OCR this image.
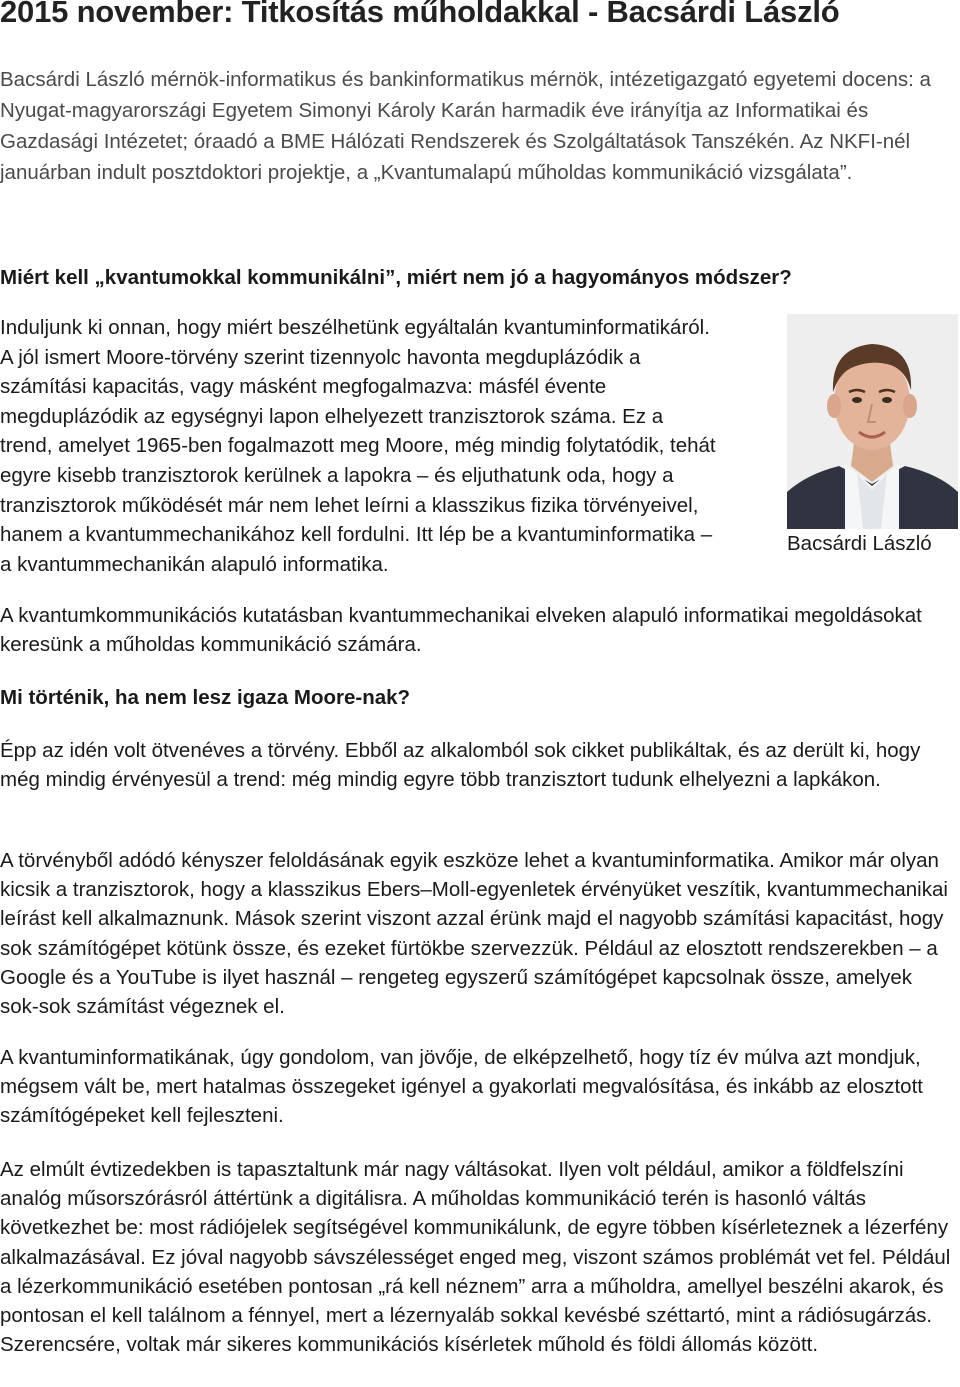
2015 november: Titkosítás műholdakkal - Bacsárdi László

Bacsárdi László mérnök-informatikus és bankinformatikus mérnök, intézetigazgató egyetemi docens: a Nyugat-magyarországi Egyetem Simonyi Károly Karán harmadik éve irányítja az Informatikai és Gazdasági Intézetet; óraadó a BME Hálózati Rendszerek és Szolgáltatások Tanszékén. Az NKFI-nél januárban indult posztdoktori projektje, a „Kvantumalapú műholdas kommunikáció vizsgálata”.

Miért kell „kvantumokkal kommunikálni”, miért nem jó a hagyományos módszer?

Induljunk ki onnan, hogy miért beszélhetünk egyáltalán kvantuminformatikáról.
A jól ismert Moore-törvény szerint tizennyolc havonta megduplázódik a
számítási kapacitás, vagy másként megfogalmazva: másfél évente
megduplázódik az egységnyi lapon elhelyezett tranzisztorok száma. Ez a
trend, amelyet 1965-ben fogalmazott meg Moore, még mindig folytatódik, tehát
egyre kisebb tranzisztorok kerülnek a lapokra – és eljuthatunk oda, hogy a
tranzisztorok működését már nem lehet leírni a klasszikus fizika törvényeivel,
hanem a kvantummechanikához kell fordulni. Itt lép be a kvantuminformatika –
a kvantummechanikán alapuló informatika.

Bacsárdi László

A kvantumkommunikációs kutatásban kvantummechanikai elveken alapuló informatikai megoldásokat keresünk a műholdas kommunikáció számára.

Mi történik, ha nem lesz igaza Moore-nak?

Épp az idén volt ötvenéves a törvény. Ebből az alkalomból sok cikket publikáltak, és az derült ki, hogy még mindig érvényesül a trend: még mindig egyre több tranzisztort tudunk elhelyezni a lapkákon.

A törvényből adódó kényszer feloldásának egyik eszköze lehet a kvantuminformatika. Amikor már olyan kicsik a tranzisztorok, hogy a klasszikus Ebers–Moll-egyenletek érvényüket veszítik, kvantummechanikai leírást kell alkalmaznunk. Mások szerint viszont azzal érünk majd el nagyobb számítási kapacitást, hogy sok számítógépet kötünk össze, és ezeket fürtökbe szervezzük. Például az elosztott rendszerekben – a Google és a YouTube is ilyet használ – rengeteg egyszerű számítógépet kapcsolnak össze, amelyek sok-sok számítást végeznek el.

A kvantuminformatikának, úgy gondolom, van jövője, de elképzelhető, hogy tíz év múlva azt mondjuk, mégsem vált be, mert hatalmas összegeket igényel a gyakorlati megvalósítása, és inkább az elosztott számítógépeket kell fejleszteni.

Az elmúlt évtizedekben is tapasztaltunk már nagy váltásokat. Ilyen volt például, amikor a földfelszíni analóg műsorszórásról áttértünk a digitálisra. A műholdas kommunikáció terén is hasonló váltás következhet be: most rádiójelek segítségével kommunikálunk, de egyre többen kísérleteznek a lézerfény alkalmazásával. Ez jóval nagyobb sávszélességet enged meg, viszont számos problémát vet fel. Például a lézerkommunikáció esetében pontosan „rá kell néznem” arra a műholdra, amellyel beszélni akarok, és pontosan el kell találnom a fénnyel, mert a lézernyaláb sokkal kevésbé széttartó, mint a rádiósugárzás. Szerencsére, voltak már sikeres kommunikációs kísérletek műhold és földi állomás között.
